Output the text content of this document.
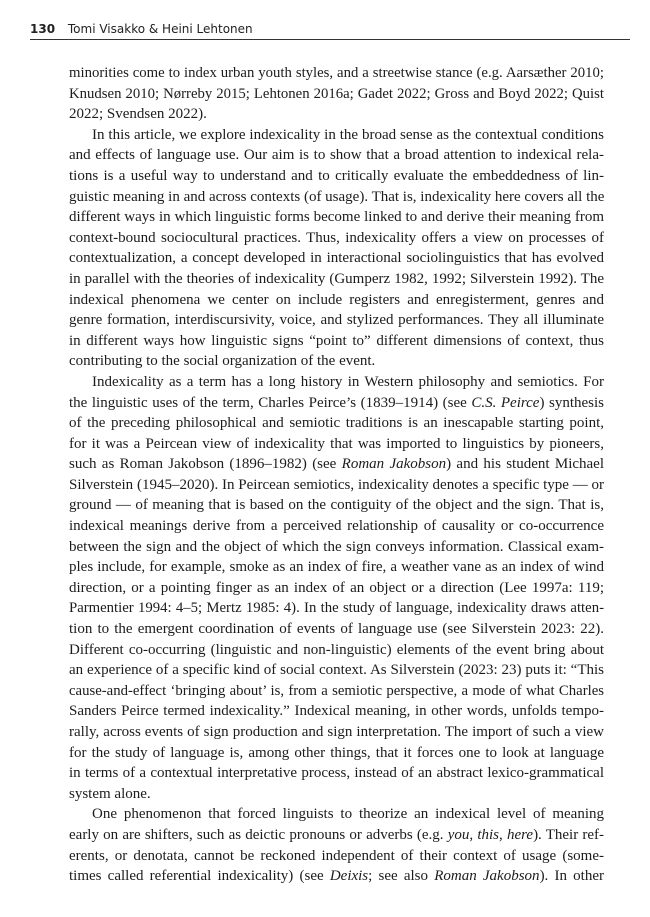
130 Tomi Visakko & Heini Lehtonen
minorities come to index urban youth styles, and a streetwise stance (e.g. Aarsæther 2010;
Knudsen 2010; Nørreby 2015; Lehtonen 2016a; Gadet 2022; Gross and Boyd 2022; Quist
2022; Svendsen 2022).
In this article, we explore indexicality in the broad sense as the contextual conditions
and effects of language use. Our aim is to show that a broad attention to indexical rela-
tions is a useful way to understand and to critically evaluate the embeddedness of lin-
guistic meaning in and across contexts (of usage). That is, indexicality here covers all the
different ways in which linguistic forms become linked to and derive their meaning from
context-bound sociocultural practices. Thus, indexicality offers a view on processes of
contextualization, a concept developed in interactional sociolinguistics that has evolved
in parallel with the theories of indexicality (Gumperz 1982, 1992; Silverstein 1992). The
indexical phenomena we center on include registers and enregisterment, genres and
genre formation, interdiscursivity, voice, and stylized performances. They all illuminate
in different ways how linguistic signs “point to” different dimensions of context, thus
contributing to the social organization of the event.
Indexicality as a term has a long history in Western philosophy and semiotics. For
the linguistic uses of the term, Charles Peirce’s (1839–1914) (see C.S. Peirce) synthesis
of the preceding philosophical and semiotic traditions is an inescapable starting point,
for it was a Peircean view of indexicality that was imported to linguistics by pioneers,
such as Roman Jakobson (1896–1982) (see Roman Jakobson) and his student Michael
Silverstein (1945–2020). In Peircean semiotics, indexicality denotes a specific type — or
ground — of meaning that is based on the contiguity of the object and the sign. That is,
indexical meanings derive from a perceived relationship of causality or co-occurrence
between the sign and the object of which the sign conveys information. Classical exam-
ples include, for example, smoke as an index of fire, a weather vane as an index of wind
direction, or a pointing finger as an index of an object or a direction (Lee 1997a: 119;
Parmentier 1994: 4–5; Mertz 1985: 4). In the study of language, indexicality draws atten-
tion to the emergent coordination of events of language use (see Silverstein 2023: 22).
Different co-occurring (linguistic and non-linguistic) elements of the event bring about
an experience of a specific kind of social context. As Silverstein (2023: 23) puts it: “This
cause-and-effect ‘bringing about’ is, from a semiotic perspective, a mode of what Charles
Sanders Peirce termed indexicality.” Indexical meaning, in other words, unfolds tempo-
rally, across events of sign production and sign interpretation. The import of such a view
for the study of language is, among other things, that it forces one to look at language
in terms of a contextual interpretative process, instead of an abstract lexico-grammatical
system alone.
One phenomenon that forced linguists to theorize an indexical level of meaning
early on are shifters, such as deictic pronouns or adverbs (e.g. you, this, here). Their ref-
erents, or denotata, cannot be reckoned independent of their context of usage (some-
times called referential indexicality) (see Deixis; see also Roman Jakobson). In other
